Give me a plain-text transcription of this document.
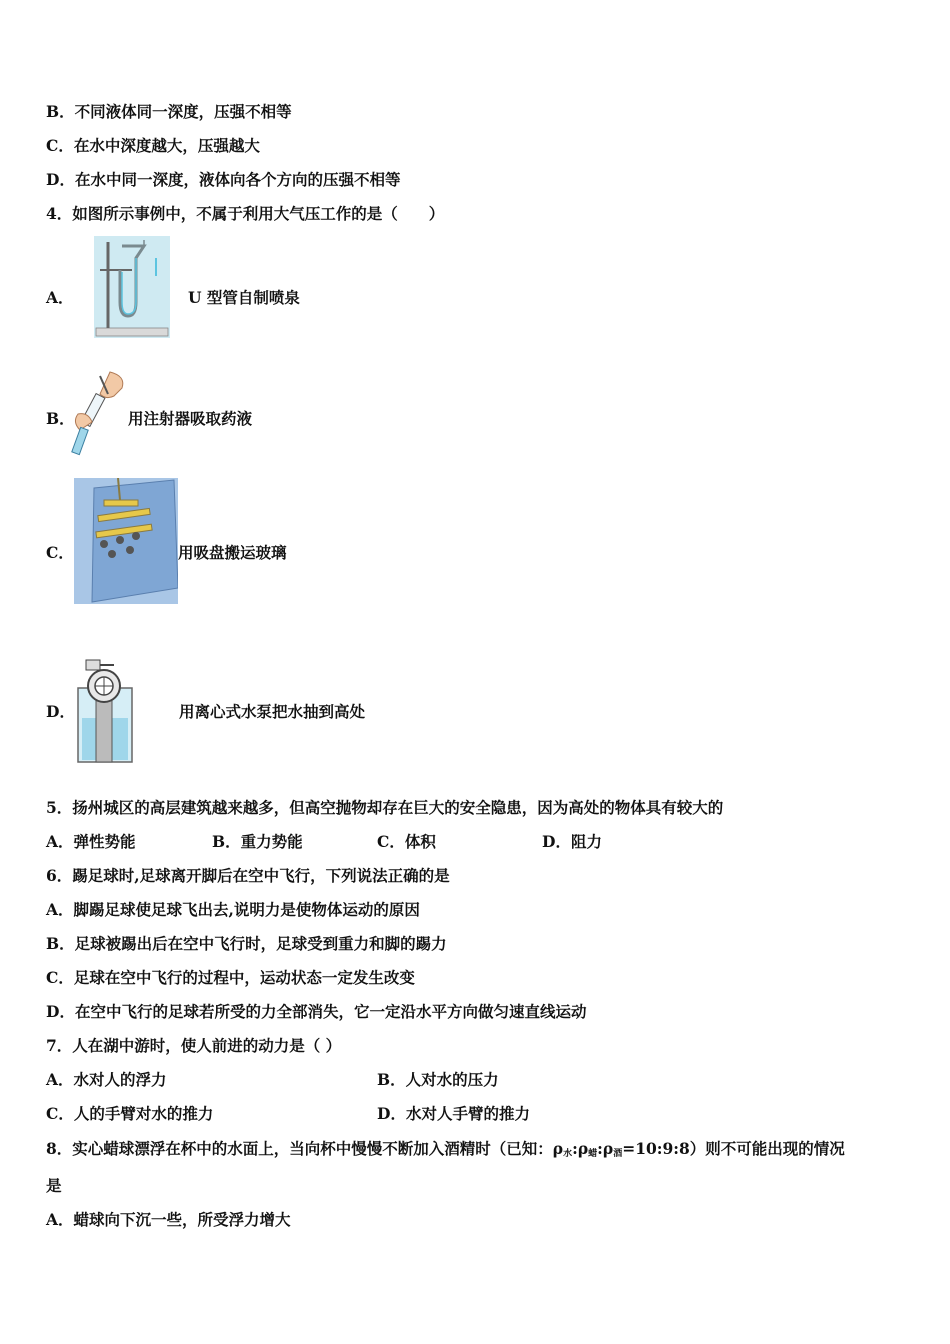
B．不同液体同一深度，压强不相等
C．在水中深度越大，压强越大
D．在水中同一深度，液体向各个方向的压强不相等
4．如图所示事例中，不属于利用大气压工作的是（　　）
A．	U 型管自制喷泉
B．	用注射器吸取药液
C．	用吸盘搬运玻璃
D．	用离心式水泵把水抽到高处
5．扬州城区的高层建筑越来越多，但高空抛物却存在巨大的安全隐患，因为高处的物体具有较大的
A．弹性势能	B．重力势能	C．体积	D．阻力
6．踢足球时,足球离开脚后在空中飞行，下列说法正确的是
A．脚踢足球使足球飞出去,说明力是使物体运动的原因
B．足球被踢出后在空中飞行时，足球受到重力和脚的踢力
C．足球在空中飞行的过程中，运动状态一定发生改变
D．在空中飞行的足球若所受的力全部消失，它一定沿水平方向做匀速直线运动
7．人在湖中游时，使人前进的动力是（ ）
A．水对人的浮力	B．人对水的压力
C．人的手臂对水的推力	D．水对人手臂的推力
8．实心蜡球漂浮在杯中的水面上，当向杯中慢慢不断加入酒精时（已知：$\rho_水:\rho_蜡:\rho_酒=10:9:8$）则不可能出现的情况
是
A．蜡球向下沉一些，所受浮力增大
